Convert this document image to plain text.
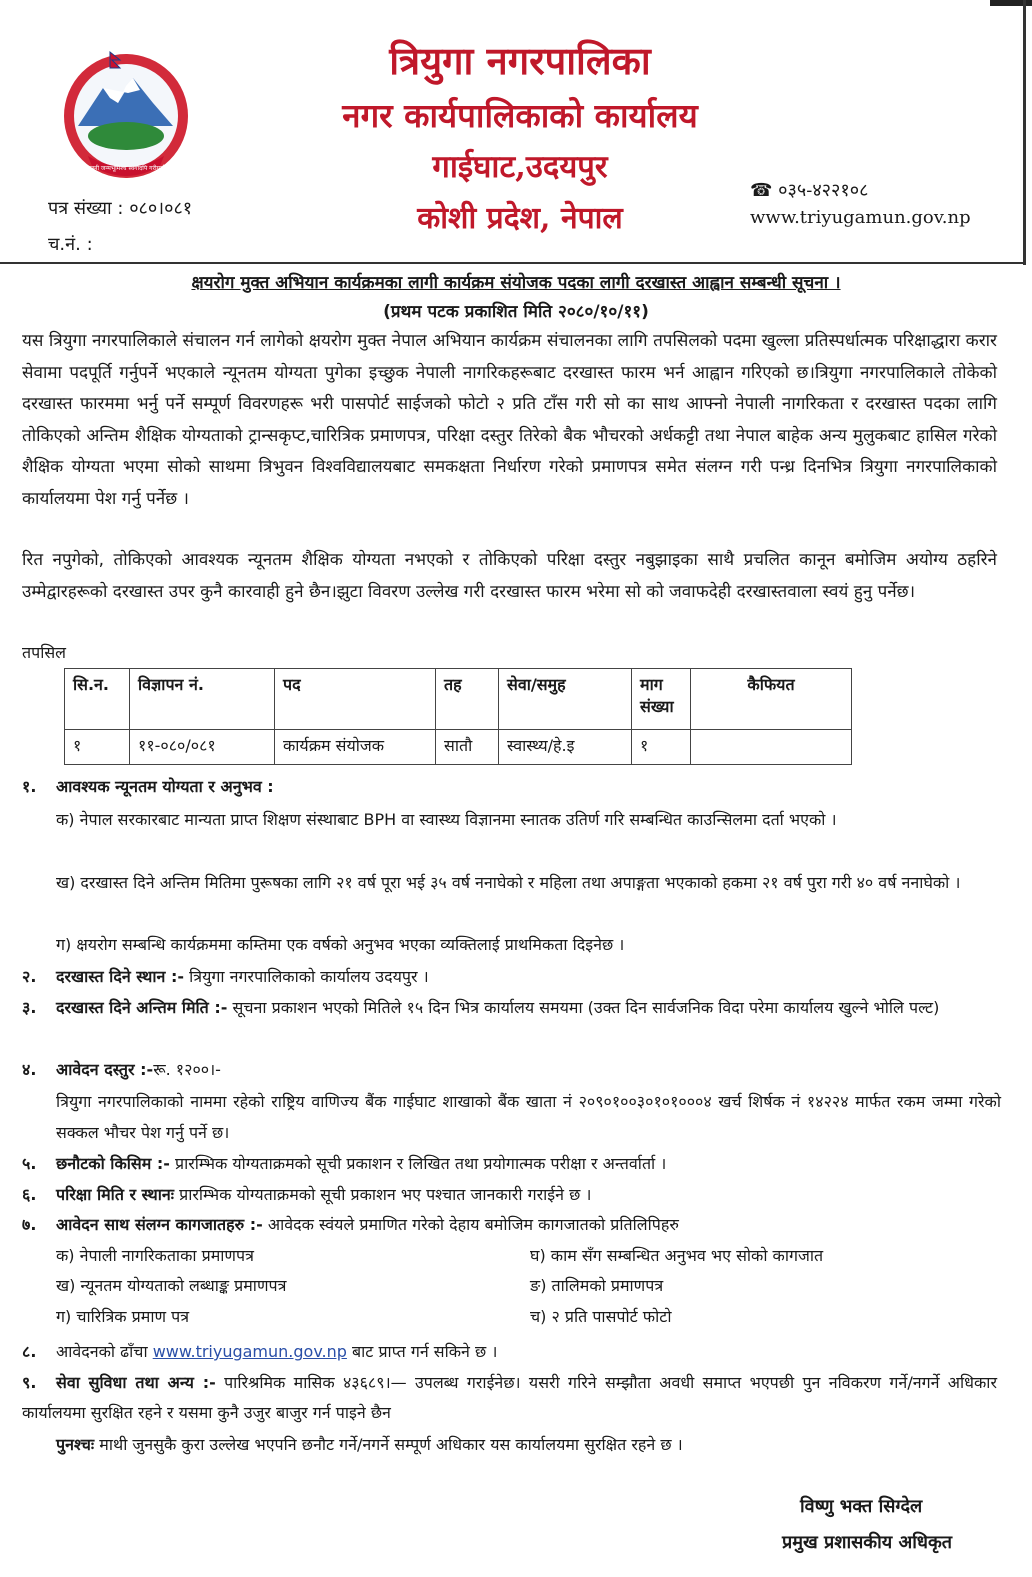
जननी जन्मभूमिश्च स्वर्गादपि गरीयसी
त्रियुगा नगरपालिका
नगर कार्यपालिकाको कार्यालय
गाईघाट,उदयपुर
कोशी प्रदेश, नेपाल
पत्र संख्या : ०८०।०८१
च.नं. :
☎ ०३५-४२२१०८
www.triyugamun.gov.np
क्षयरोग मुक्त अभियान कार्यक्रमका लागी कार्यक्रम संयोजक पदका लागी दरखास्त आह्वान सम्बन्धी सूचना ।
(प्रथम पटक प्रकाशित मिति २०८०/१०/११)
यस त्रियुगा नगरपालिकाले संचालन गर्न लागेको क्षयरोग मुक्त नेपाल अभियान कार्यक्रम संचालनका लागि तपसिलको पदमा खुल्ला प्रतिस्पर्धात्मक परिक्षाद्धारा करार सेवामा पदपूर्ति गर्नुपर्ने भएकाले न्यूनतम योग्यता पुगेका इच्छुक नेपाली नागरिकहरूबाट दरखास्त फारम भर्न आह्वान गरिएको छ।त्रियुगा नगरपालिकाले तोकेको दरखास्त फारममा भर्नु पर्ने सम्पूर्ण विवरणहरू भरी पासपोर्ट साईजको फोटो २ प्रति टाँस गरी सो का साथ आफ्नो नेपाली नागरिकता र दरखास्त पदका लागि तोकिएको अन्तिम शैक्षिक योग्यताको ट्रान्सकृप्ट,चारित्रिक प्रमाणपत्र, परिक्षा दस्तुर तिरेको बैक भौचरको अर्धकट्टी तथा नेपाल बाहेक अन्य मुलुकबाट हासिल गरेको शैक्षिक योग्यता भएमा सोको साथमा त्रिभुवन विश्वविद्यालयबाट समकक्षता निर्धारण गरेको प्रमाणपत्र समेत संलग्न गरी पन्ध्र दिनभित्र त्रियुगा नगरपालिकाको कार्यालयमा पेश गर्नु पर्नेछ ।
रित नपुगेको, तोकिएको आवश्यक न्यूनतम शैक्षिक योग्यता नभएको र तोकिएको परिक्षा दस्तुर नबुझाइका साथै प्रचलित कानून बमोजिम अयोग्य ठहरिने उम्मेद्वारहरूको दरखास्त उपर कुनै कारवाही हुने छैन।झुटा विवरण उल्लेख गरी दरखास्त फारम भरेमा सो को जवाफदेही दरखास्तवाला स्वयं हुनु पर्नेछ।
तपसिल
सि.न.	विज्ञापन नं.	पद	तह	सेवा/समुह	माग संख्या	कैफियत
१	११-०८०/०८१	कार्यक्रम संयोजक	सातौ	स्वास्थ्य/हे.इ	१	
१. आवश्यक न्यूनतम योग्यता र अनुभव :
क) नेपाल सरकारबाट मान्यता प्राप्त शिक्षण संस्थाबाट BPH वा स्वास्थ्य विज्ञानमा स्नातक उतिर्ण गरि सम्बन्धित काउन्सिलमा दर्ता भएको ।
ख) दरखास्त दिने अन्तिम मितिमा पुरूषका लागि २१ वर्ष पूरा भई ३५ वर्ष ननाघेको र महिला तथा अपाङ्गता भएकाको हकमा २१ वर्ष पुरा गरी ४० वर्ष ननाघेको ।
ग) क्षयरोग सम्बन्धि कार्यक्रममा कम्तिमा एक वर्षको अनुभव भएका व्यक्तिलाई प्राथमिकता दिइनेछ ।
२. दरखास्त दिने स्थान :- त्रियुगा नगरपालिकाको कार्यालय उदयपुर ।
३. दरखास्त दिने अन्तिम मिति :- सूचना प्रकाशन भएको मितिले १५ दिन भित्र कार्यालय समयमा (उक्त दिन सार्वजनिक विदा परेमा कार्यालय खुल्ने भोलि पल्ट)
४. आवेदन दस्तुर :-रू. १२००।-
त्रियुगा नगरपालिकाको नाममा रहेको राष्ट्रिय वाणिज्य बैंक गाईघाट शाखाको बैंक खाता नं २०९०१००३०१०१०००४ खर्च शिर्षक नं १४२२४ मार्फत रकम जम्मा गरेको सक्कल भौचर पेश गर्नु पर्ने छ।
५. छनौटको किसिम :- प्रारम्भिक योग्यताक्रमको सूची प्रकाशन र लिखित तथा प्रयोगात्मक परीक्षा र अन्तर्वार्ता ।
६. परिक्षा मिति र स्थानः प्रारम्भिक योग्यताक्रमको सूची प्रकाशन भए पश्चात जानकारी गराईने छ ।
७. आवेदन साथ संलग्न कागजातहरु :- आवेदक स्वंयले प्रमाणित गरेको देहाय बमोजिम कागजातको प्रतिलिपिहरु
क) नेपाली नागरिकताका प्रमाणपत्र
ख) न्यूनतम योग्यताको लब्धाङ्क प्रमाणपत्र
ग) चारित्रिक प्रमाण पत्र
घ) काम सँग सम्बन्धित अनुभव भए सोको कागजात
ङ) तालिमको प्रमाणपत्र
च) २ प्रति पासपोर्ट फोटो
८. आवेदनको ढाँचा www.triyugamun.gov.np बाट प्राप्त गर्न सकिने छ ।
९. सेवा सुविधा तथा अन्य :- पारिश्रमिक मासिक ४३६८९।— उपलब्ध गराईनेछ। यसरी गरिने सम्झौता अवधी समाप्त भएपछी पुन नविकरण गर्ने/नगर्ने अधिकार कार्यालयमा सुरक्षित रहने र यसमा कुनै उजुर बाजुर गर्न पाइने छैन
पुनश्चः माथी जुनसुकै कुरा उल्लेख भएपनि छनौट गर्ने/नगर्ने सम्पूर्ण अधिकार यस कार्यालयमा सुरक्षित रहने छ ।
विष्णु भक्त सिग्देल
प्रमुख प्रशासकीय अधिकृत
